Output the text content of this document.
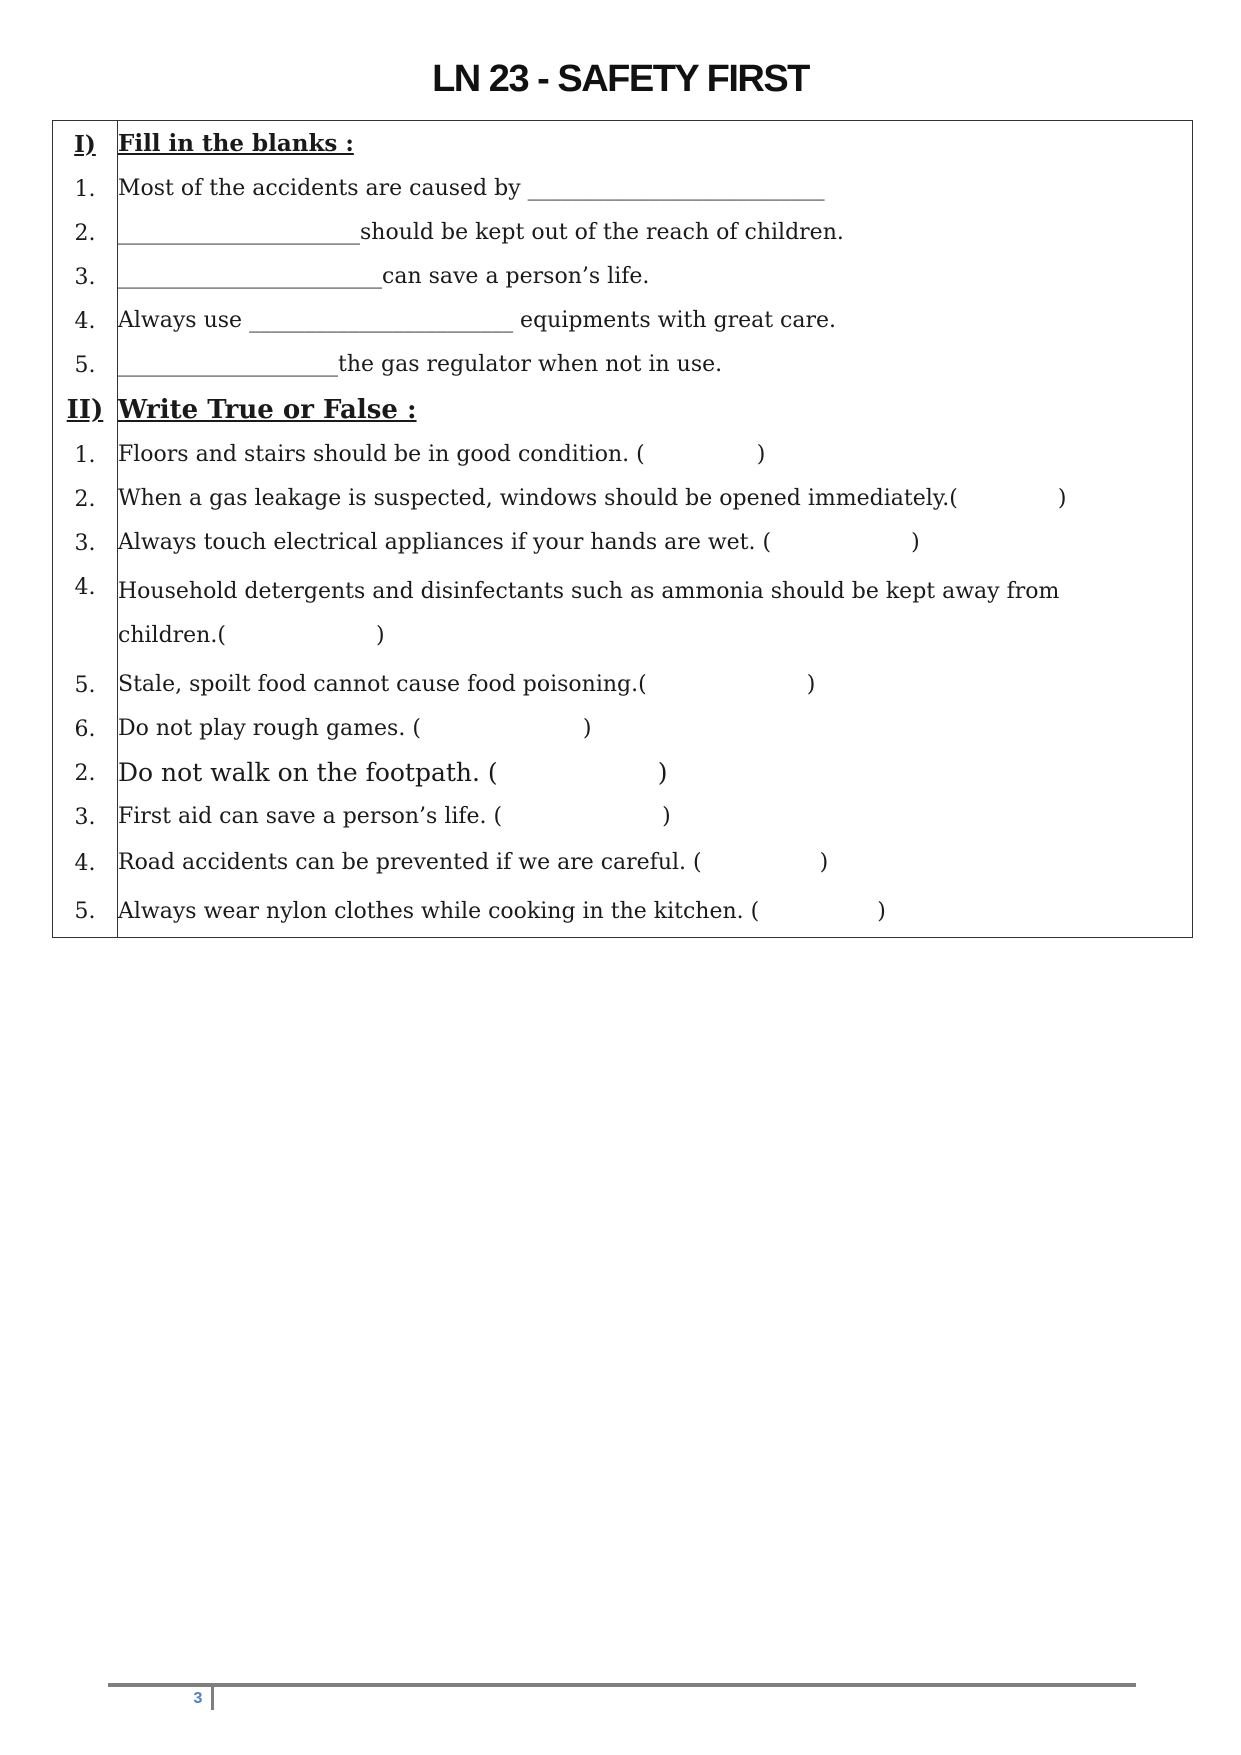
LN 23 - SAFETY FIRST
I)	Fill in the blanks :
1.	Most of the accidents are caused by ___________________________
2.	______________________should be kept out of the reach of children.
3.	________________________can save a person’s life.
4.	Always use ________________________ equipments with great care.
5.	____________________the gas regulator when not in use.
II)	Write True or False :
1.	Floors and stairs should be in good condition. ( )
2.	When a gas leakage is suspected, windows should be opened immediately.( )
3.	Always touch electrical appliances if your hands are wet. ( )
4.	Household detergents and disinfectants such as ammonia should be kept away from
children.( )
5.	Stale, spoilt food cannot cause food poisoning.( )
6.	Do not play rough games. ( )
2.	Do not walk on the footpath. ( )
3.	First aid can save a person’s life. ( )
4.	Road accidents can be prevented if we are careful. ( )
5.	Always wear nylon clothes while cooking in the kitchen. ( )
3
